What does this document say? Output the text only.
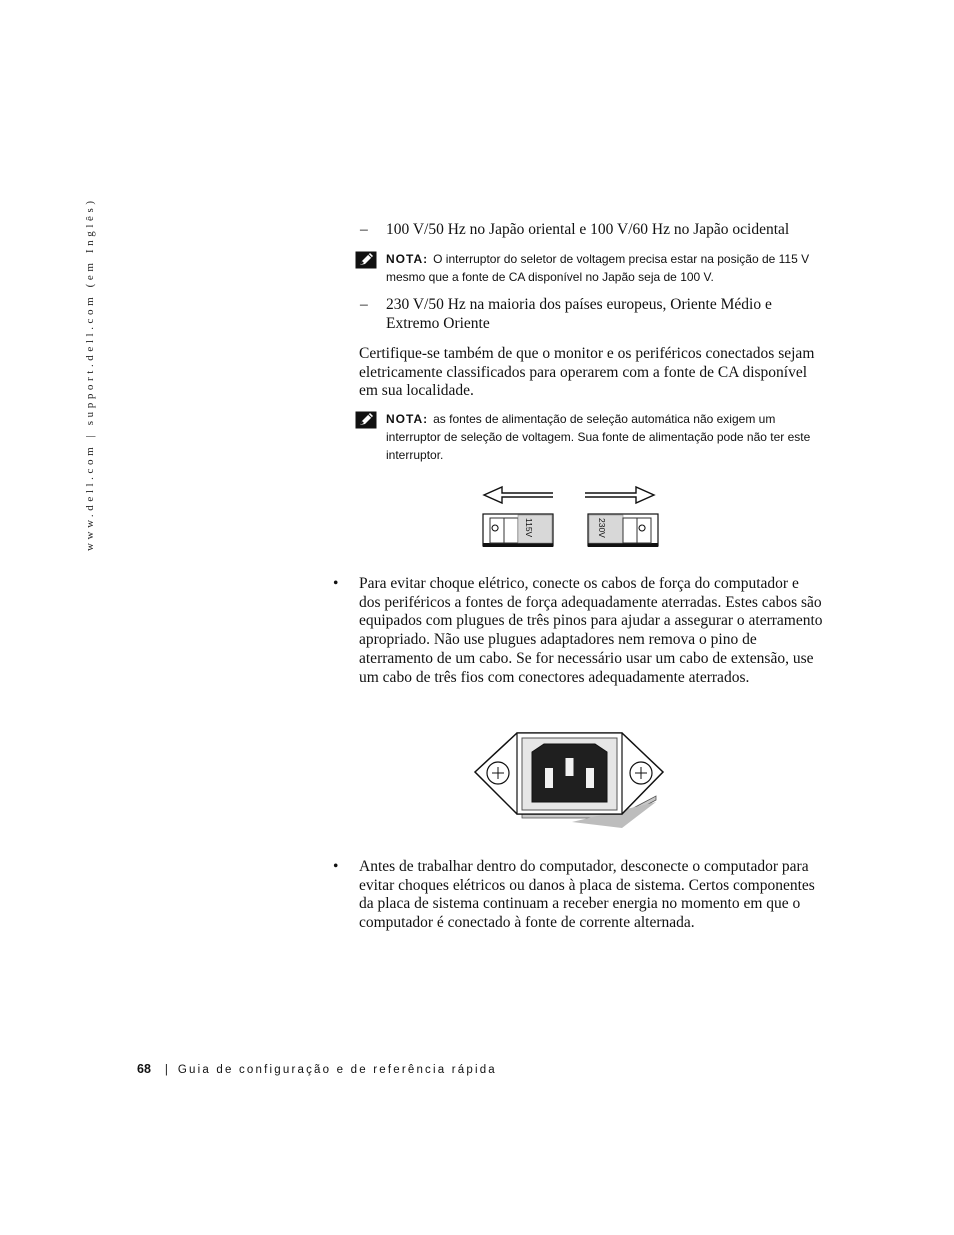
www.dell.com | support.dell.com (em Inglês)	– 100 V/50 Hz no Japão oriental e 100 V/60 Hz no Japão ocidental
NOTA: O interruptor do seletor de voltagem precisa estar na posição de 115 V mesmo que a fonte de CA disponível no Japão seja de 100 V.
– 230 V/50 Hz na maioria dos países europeus, Oriente Médio e Extremo Oriente
Certifique-se também de que o monitor e os periféricos conectados sejam eletricamente classificados para operarem com a fonte de CA disponível em sua localidade.
NOTA: as fontes de alimentação de seleção automática não exigem um interruptor de seleção de voltagem. Sua fonte de alimentação pode não ter este interruptor.
115V	230V
• Para evitar choque elétrico, conecte os cabos de força do computador e dos periféricos a fontes de força adequadamente aterradas. Estes cabos são equipados com plugues de três pinos para ajudar a assegurar o aterramento apropriado. Não use plugues adaptadores nem remova o pino de aterramento de um cabo. Se for necessário usar um cabo de extensão, use um cabo de três fios com conectores adequadamente aterrados.
• Antes de trabalhar dentro do computador, desconecte o computador para evitar choques elétricos ou danos à placa de sistema. Certos componentes da placa de sistema continuam a receber energia no momento em que o computador é conectado à fonte de corrente alternada.
68 | Guia de configuração e de referência rápida
